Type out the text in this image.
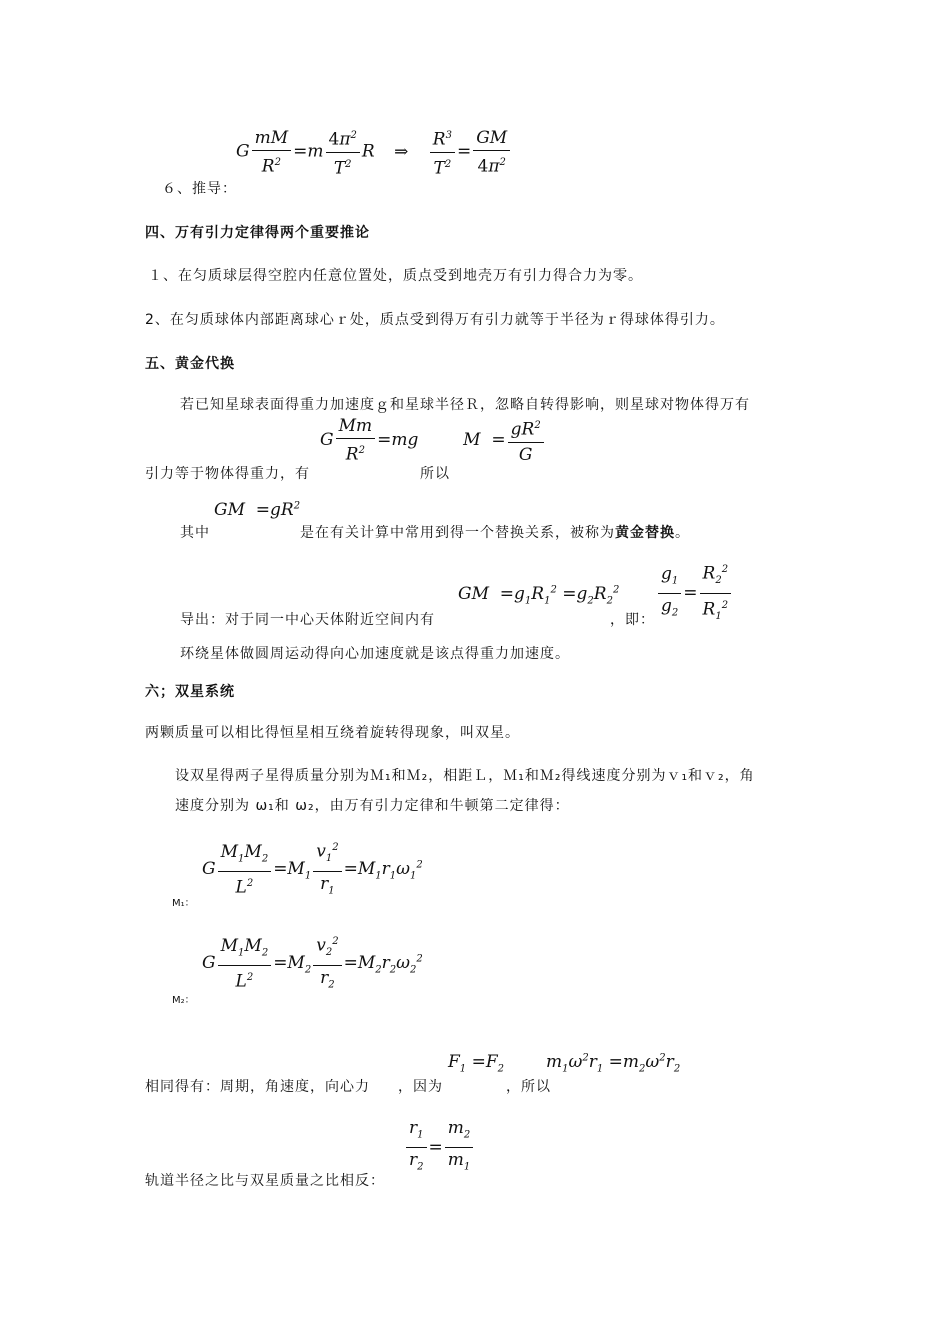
G $\frac{mM}{R^2} =m \frac{4\pi^2}{T^2}$ R ⇒ $\frac{R^3}{T^2} = \frac{GM}{4\pi^2}$
６、推导：
四、万有引力定律得两个重要推论
１、在匀质球层得空腔内任意位置处，质点受到地壳万有引力得合力为零。
2、在匀质球体内部距离球心ｒ处，质点受到得万有引力就等于半径为ｒ得球体得引力。
五、黄金代换
若已知星球表面得重力加速度ｇ和星球半径Ｒ，忽略自转得影响，则星球对物体得万有
G $\frac{Mm}{R^2} =mg$  $M = \frac{gR^2}{G}$
引力等于物体得重力，有	所以
GM  $=gR^2$
其中	是在有关计算中常用到得一个替换关系，被称为黄金替换。
GM  $=g_1R_1^2 =g_2R_2^2 \frac{g_1}{g_2} = \frac{R_2^2}{R_1^2}$
导出：对于同一中心天体附近空间内有	，即：
环绕星体做圆周运动得向心加速度就是该点得重力加速度。
六；双星系统
两颗质量可以相比得恒星相互绕着旋转得现象，叫双星。
设双星得两子星得质量分别为Ｍ₁和Ｍ₂，相距Ｌ，Ｍ₁和Ｍ₂得线速度分别为ｖ₁和ｖ₂，角
速度分别为 ω₁和 ω₂，由万有引力定律和牛顿第二定律得：
G $\frac{M_1M_2}{L^2} =M_1 \frac{v_1^2}{r_1} =M_1r_1\omega_1^2$
M₁：
G $\frac{M_1M_2}{L^2} =M_2 \frac{v_2^2}{r_2} =M_2r_2\omega_2^2$
M₂：
$F_1 =F_2$ $m_1\omega^2r_1 =m_2\omega^2r_2$
相同得有：周期，角速度，向心力 ，因为	，所以
$\frac{r_1}{r_2} = \frac{m_2}{m_1}$
轨道半径之比与双星质量之比相反：
